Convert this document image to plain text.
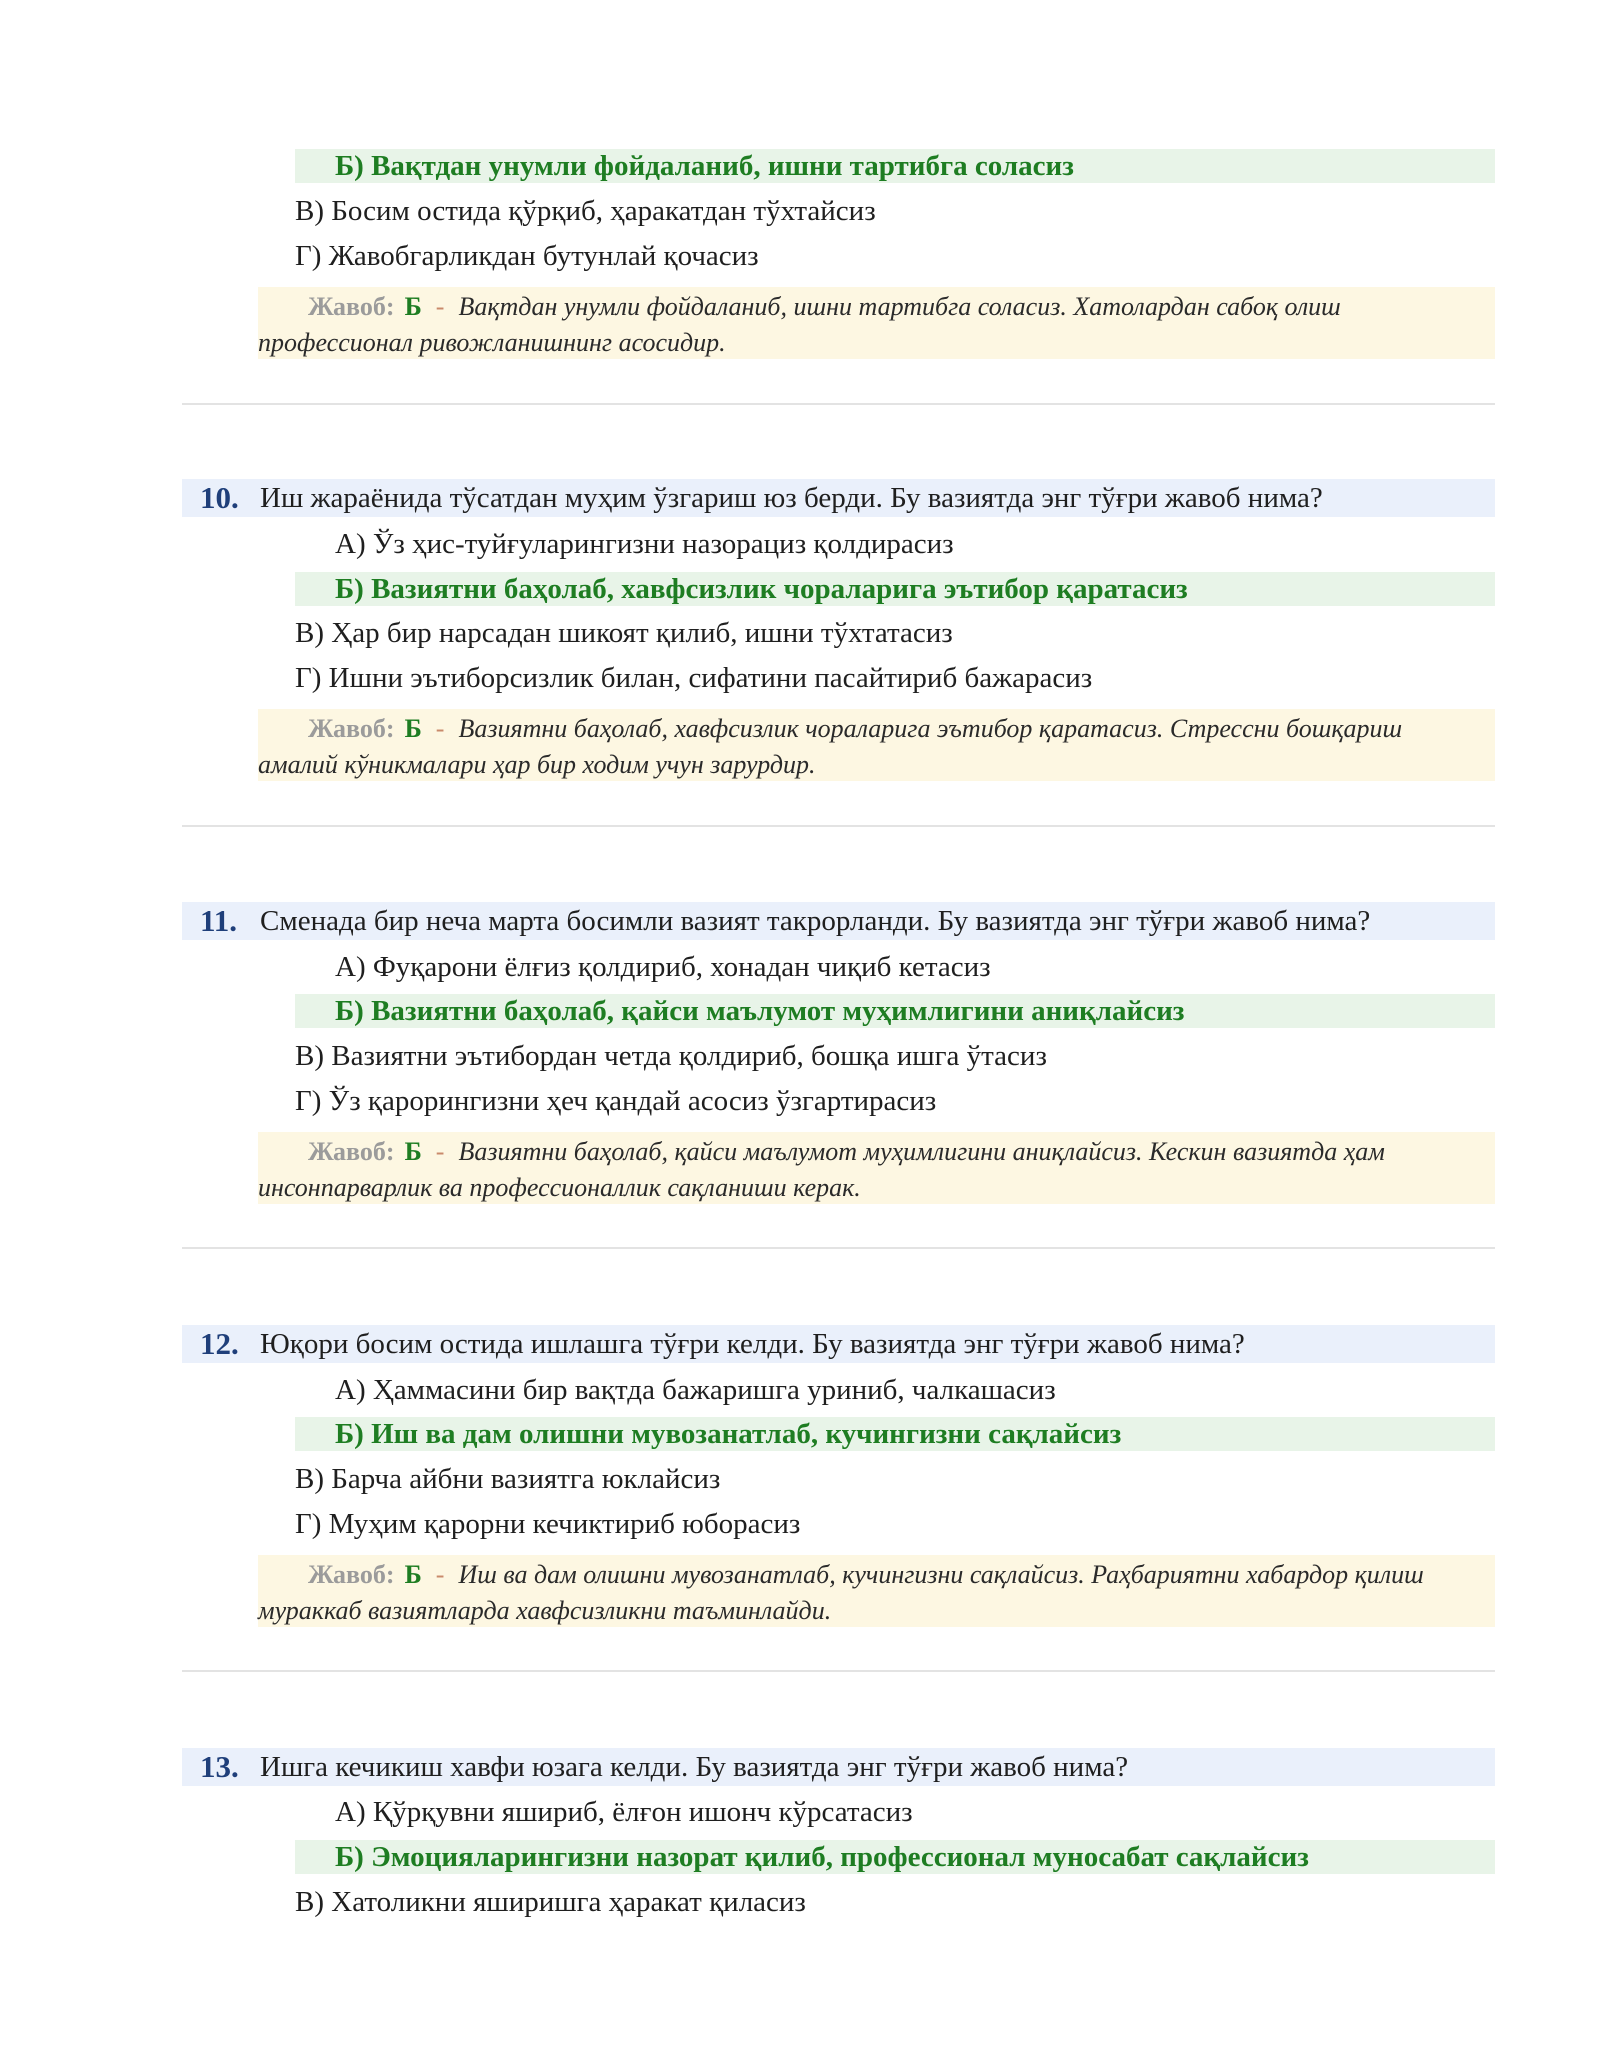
Б) Вақтдан унумли фойдаланиб, ишни тартибга соласиз
В) Босим остида қўрқиб, ҳаракатдан тўхтайсиз
Г) Жавобгарликдан бутунлай қочасиз
Жавоб: Б - Вақтдан унумли фойдаланиб, ишни тартибга соласиз. Хатолардан сабоқ олиш профессионал ривожланишнинг асосидир.
10. Иш жараёнида тўсатдан муҳим ўзгариш юз берди. Бу вазиятда энг тўғри жавоб нима?
А) Ўз ҳис-туйғуларингизни назорациз қолдирасиз
Б) Вазиятни баҳолаб, хавфсизлик чораларига эътибор қаратасиз
В) Ҳар бир нарсадан шикоят қилиб, ишни тўхтатасиз
Г) Ишни эътиборсизлик билан, сифатини пасайтириб бажарасиз
Жавоб: Б - Вазиятни баҳолаб, хавфсизлик чораларига эътибор қаратасиз. Стрессни бошқариш амалий кўникмалари ҳар бир ходим учун зарурдир.
11. Сменада бир неча марта босимли вазият такрорланди. Бу вазиятда энг тўғри жавоб нима?
А) Фуқарони ёлғиз қолдириб, хонадан чиқиб кетасиз
Б) Вазиятни баҳолаб, қайси маълумот муҳимлигини аниқлайсиз
В) Вазиятни эътибордан четда қолдириб, бошқа ишга ўтасиз
Г) Ўз қарорингизни ҳеч қандай асосиз ўзгартирасиз
Жавоб: Б - Вазиятни баҳолаб, қайси маълумот муҳимлигини аниқлайсиз. Кескин вазиятда ҳам инсонпарварлик ва профессионаллик сақланиши керак.
12. Юқори босим остида ишлашга тўғри келди. Бу вазиятда энг тўғри жавоб нима?
А) Ҳаммасини бир вақтда бажаришга уриниб, чалкашасиз
Б) Иш ва дам олишни мувозанатлаб, кучингизни сақлайсиз
В) Барча айбни вазиятга юклайсиз
Г) Муҳим қарорни кечиктириб юборасиз
Жавоб: Б - Иш ва дам олишни мувозанатлаб, кучингизни сақлайсиз. Раҳбариятни хабардор қилиш мураккаб вазиятларда хавфсизликни таъминлайди.
13. Ишга кечикиш хавфи юзага келди. Бу вазиятда энг тўғри жавоб нима?
А) Қўрқувни яшириб, ёлғон ишонч кўрсатасиз
Б) Эмоцияларингизни назорат қилиб, профессионал муносабат сақлайсиз
В) Хатоликни яширишга ҳаракат қиласиз
